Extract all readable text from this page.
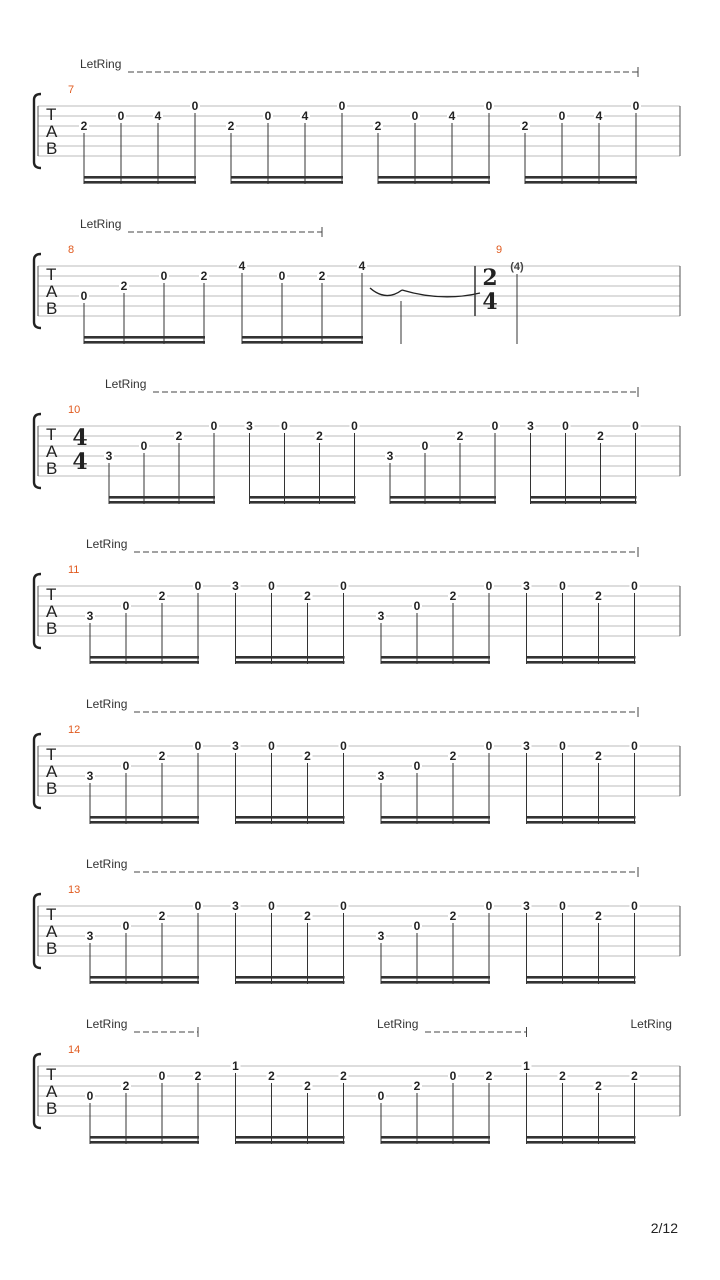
T
A
B
7
LetRing
2
0	4
0
2
0	4
0
2
0	4
0
2
0	4
0
T
A
B
8
LetRing
0
2
0	2
4
0	2
4
9
2
4
(4)
T
A
B
10
4
4
LetRing
3
0
2
0 3 0
2
0
3
0
2
0 3 0
2
0
T
A
B
11
LetRing
3
0
2
0	3 0
2
0
3
0
2
0	3 0
2
0
T
A
B
12
LetRing
3
0
2
0	3 0
2
0
3
0
2
0	3 0
2
0
T
A
B
13
LetRing
3
0
2
0	3 0
2
0
3
0
2
0	3 0
2
0
T
A
B
14
LetRing	LetRing	LetRing
0
2
0 2
1
2
2
2
0
2
0 2
1
2
2
2
2/12
